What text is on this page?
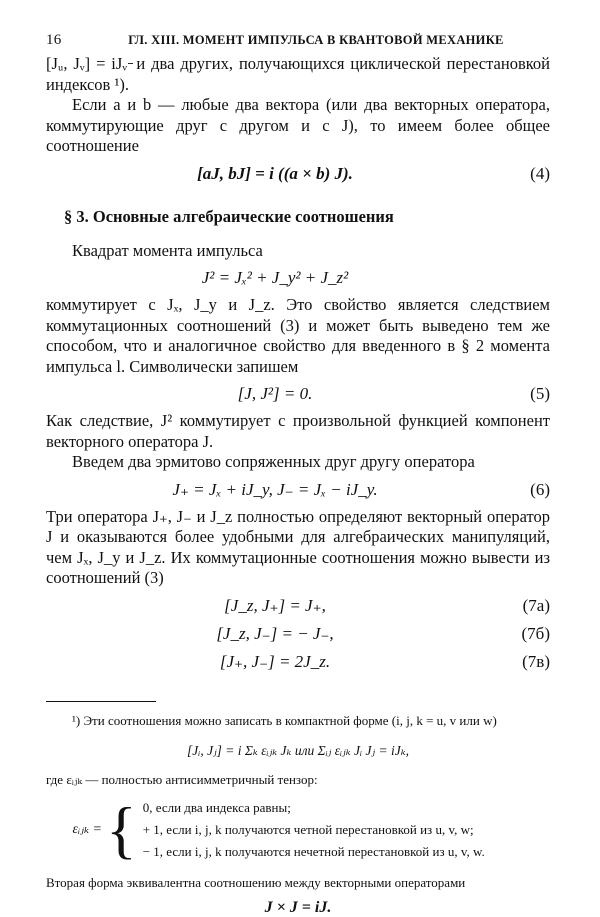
16	ГЛ. XIII. МОМЕНТ ИМПУЛЬСА В КВАНТОВОЙ МЕХАНИКЕ

[Jᵤ, Jᵥ] = iJᵥ ̵ и два других, получающихся циклической перестановкой индексов ¹).

Если a и b — любые два вектора (или два векторных оператора, коммутирующие друг с другом и с J), то имеем более общее соотношение

[aJ, bJ] = i ((a × b) J).	(4)
§ 3. Основные алгебраические соотношения

Квадрат момента импульса

J² = Jₓ² + J_y² + J_z²

коммутирует с Jₓ, J_y и J_z. Это свойство является следствием коммутационных соотношений (3) и может быть выведено тем же способом, что и аналогичное свойство для введенного в § 2 момента импульса l. Символически запишем

[J, J²] = 0.	(5)

Как следствие, J² коммутирует с произвольной функцией компонент векторного оператора J.

Введем два эрмитово сопряженных друг другу оператора

J₊ = Jₓ + iJ_y, J₋ = Jₓ − iJ_y.	(6)

Три оператора J₊, J₋ и J_z полностью определяют векторный оператор J и оказываются более удобными для алгебраических манипуляций, чем Jₓ, J_y и J_z. Их коммутационные соотношения можно вывести из соотношений (3)

[J_z, J₊] = J₊,	(7а)
[J_z, J₋] = − J₋,	(7б)
[J₊, J₋] = 2J_z.	(7в)

¹) Эти соотношения можно записать в компактной форме (i, j, k = u, v или w)

[Jᵢ, Jⱼ] = i Σₖ εᵢⱼₖ Jₖ или Σᵢⱼ εᵢⱼₖ Jᵢ Jⱼ = iJₖ,

где εᵢⱼₖ — полностью антисимметричный тензор:

εᵢⱼₖ = { 0, если два индекса равны;
+ 1, если i, j, k получаются четной перестановкой из u, v, w;
− 1, если i, j, k получаются нечетной перестановкой из u, v, w.

Вторая форма эквивалентна соотношению между векторными операторами

J × J = iJ.
